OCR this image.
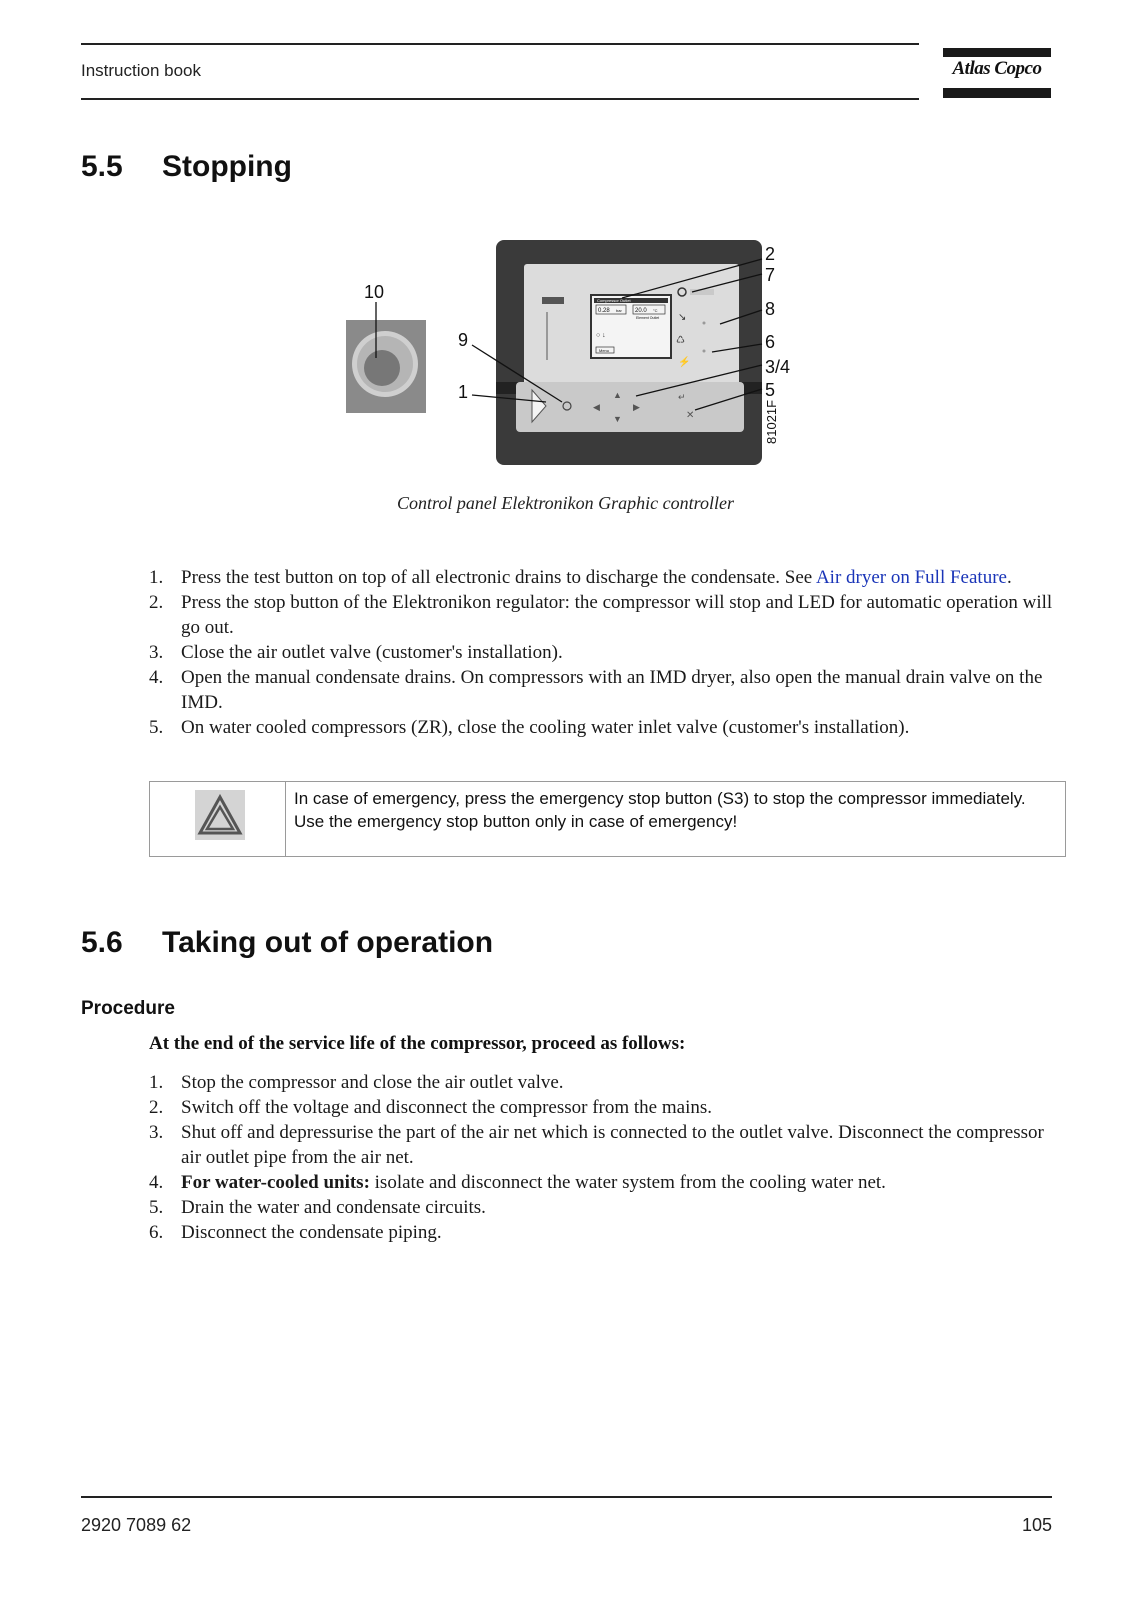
Instruction book	Atlas Copco
5.5 Stopping
Compressor Outlet
0.28 bar 20.0 °C
Element Outlet
○ ↓
Menu
↘
♺
⚡
◀
▲
▶
▼
↵
✕
10
9
1
2
7
8
6
3/4
5
81021F
Control panel Elektronikon Graphic controller
1. Press the test button on top of all electronic drains to discharge the condensate. See Air dryer on Full Feature.
2. Press the stop button of the Elektronikon regulator: the compressor will stop and LED for automatic operation will go out.
3. Close the air outlet valve (customer's installation).
4. Open the manual condensate drains. On compressors with an IMD dryer, also open the manual drain valve on the IMD.
5. On water cooled compressors (ZR), close the cooling water inlet valve (customer's installation).
In case of emergency, press the emergency stop button (S3) to stop the compressor immediately.
Use the emergency stop button only in case of emergency!
5.6 Taking out of operation
Procedure
At the end of the service life of the compressor, proceed as follows:
1. Stop the compressor and close the air outlet valve.
2. Switch off the voltage and disconnect the compressor from the mains.
3. Shut off and depressurise the part of the air net which is connected to the outlet valve. Disconnect the compressor air outlet pipe from the air net.
4. For water-cooled units: isolate and disconnect the water system from the cooling water net.
5. Drain the water and condensate circuits.
6. Disconnect the condensate piping.
2920 7089 62	105
